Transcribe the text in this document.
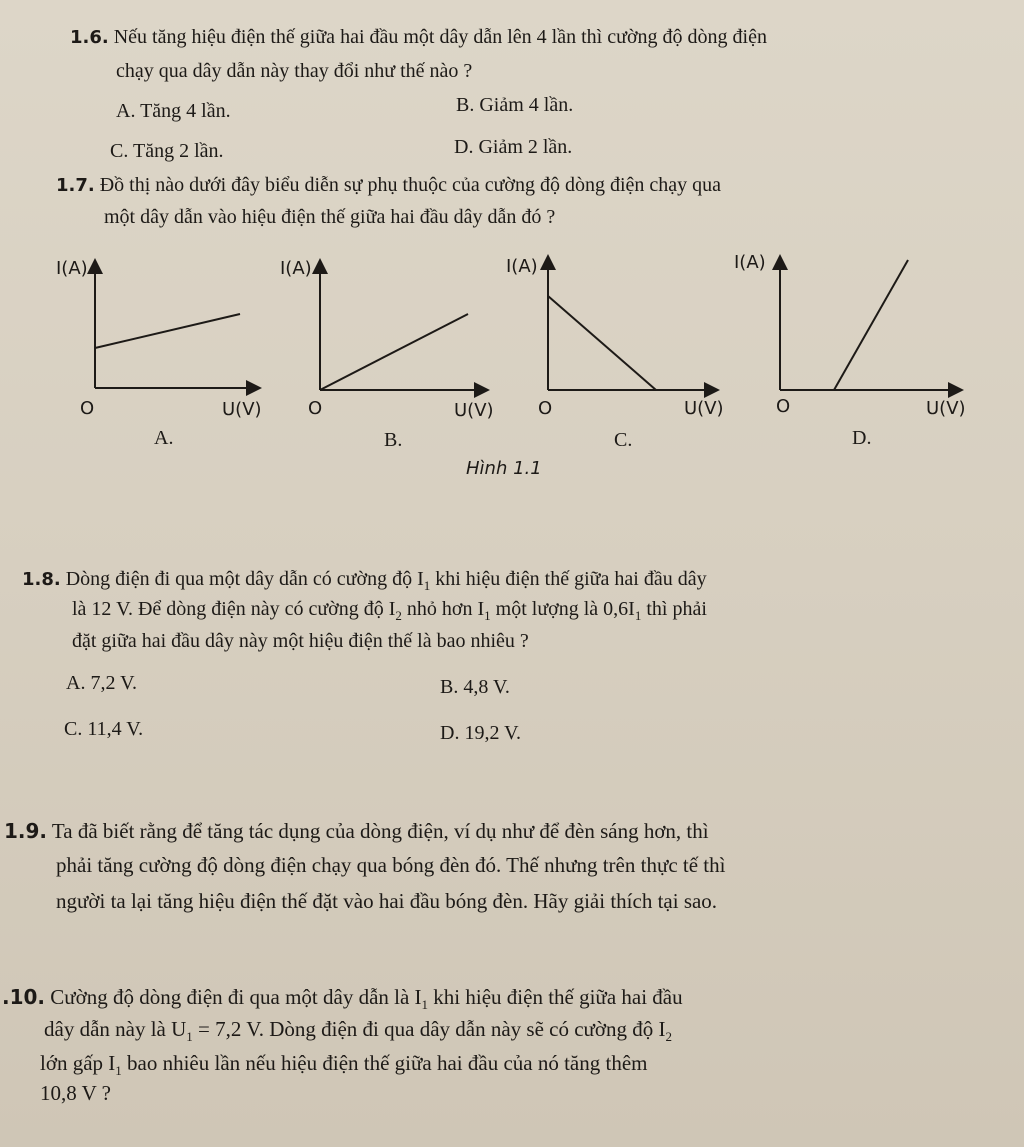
1.6. Nếu tăng hiệu điện thế giữa hai đầu một dây dẫn lên 4 lần thì cường độ dòng điện
chạy qua dây dẫn này thay đổi như thế nào ?
A. Tăng 4 lần.	B. Giảm 4 lần.
C. Tăng 2 lần.	D. Giảm 2 lần.
1.7. Đồ thị nào dưới đây biểu diễn sự phụ thuộc của cường độ dòng điện chạy qua
một dây dẫn vào hiệu điện thế giữa hai đầu dây dẫn đó ?
I(A)
U(V)
O
A.
I(A)
U(V)
O
B.
I(A)
U(V)
O
C.
I(A)
U(V)
O
D.
Hình 1.1
1.8. Dòng điện đi qua một dây dẫn có cường độ $I_1$ khi hiệu điện thế giữa hai đầu dây
là 12 V. Để dòng điện này có cường độ $I_2$ nhỏ hơn $I_1$ một lượng là $0,6I_1$ thì phải
đặt giữa hai đầu dây này một hiệu điện thế là bao nhiêu ?
A. 7,2 V.	B. 4,8 V.
C. 11,4 V.	D. 19,2 V.
1.9. Ta đã biết rằng để tăng tác dụng của dòng điện, ví dụ như để đèn sáng hơn, thì
phải tăng cường độ dòng điện chạy qua bóng đèn đó. Thế nhưng trên thực tế thì
người ta lại tăng hiệu điện thế đặt vào hai đầu bóng đèn. Hãy giải thích tại sao.
.10. Cường độ dòng điện đi qua một dây dẫn là $I_1$ khi hiệu điện thế giữa hai đầu
dây dẫn này là $U_1 = 7,2$ V. Dòng điện đi qua dây dẫn này sẽ có cường độ $I_2$
lớn gấp $I_1$ bao nhiêu lần nếu hiệu điện thế giữa hai đầu của nó tăng thêm
10,8 V ?
